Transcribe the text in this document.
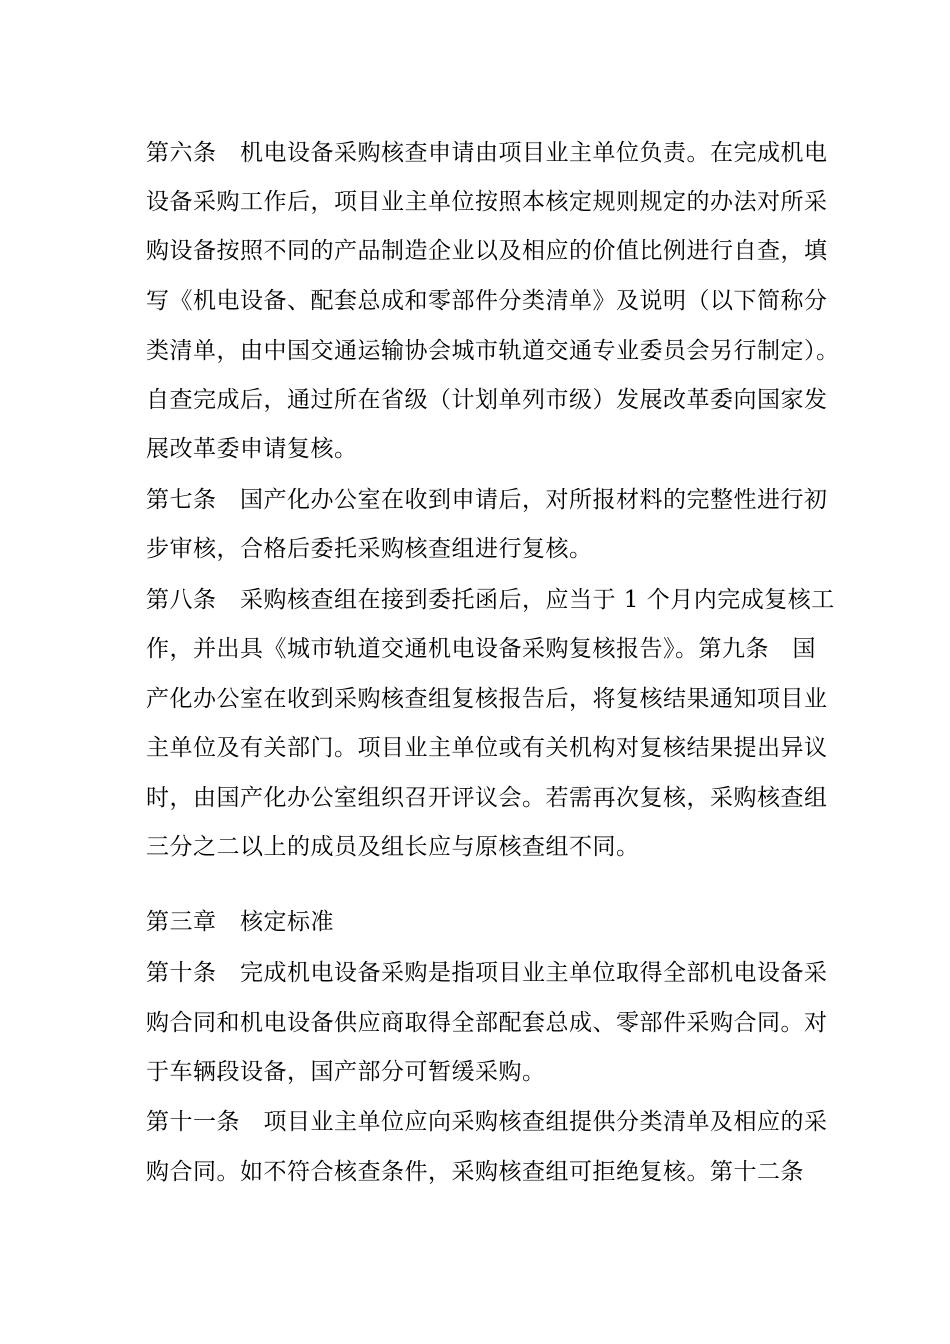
第六条　机电设备采购核查申请由项目业主单位负责。在完成机电
设备采购工作后，项目业主单位按照本核定规则规定的办法对所采
购设备按照不同的产品制造企业以及相应的价值比例进行自查，填
写《机电设备、配套总成和零部件分类清单》及说明（以下简称分
类清单，由中国交通运输协会城市轨道交通专业委员会另行制定）。
自查完成后，通过所在省级（计划单列市级）发展改革委向国家发
展改革委申请复核。
第七条　国产化办公室在收到申请后，对所报材料的完整性进行初
步审核，合格后委托采购核查组进行复核。
第八条　采购核查组在接到委托函后，应当于 1 个月内完成复核工
作，并出具《城市轨道交通机电设备采购复核报告》。第九条　国
产化办公室在收到采购核查组复核报告后，将复核结果通知项目业
主单位及有关部门。项目业主单位或有关机构对复核结果提出异议
时，由国产化办公室组织召开评议会。若需再次复核，采购核查组
三分之二以上的成员及组长应与原核查组不同。
第三章　核定标准
第十条　完成机电设备采购是指项目业主单位取得全部机电设备采
购合同和机电设备供应商取得全部配套总成、零部件采购合同。对
于车辆段设备，国产部分可暂缓采购。
第十一条　项目业主单位应向采购核查组提供分类清单及相应的采
购合同。如不符合核查条件，采购核查组可拒绝复核。第十二条
